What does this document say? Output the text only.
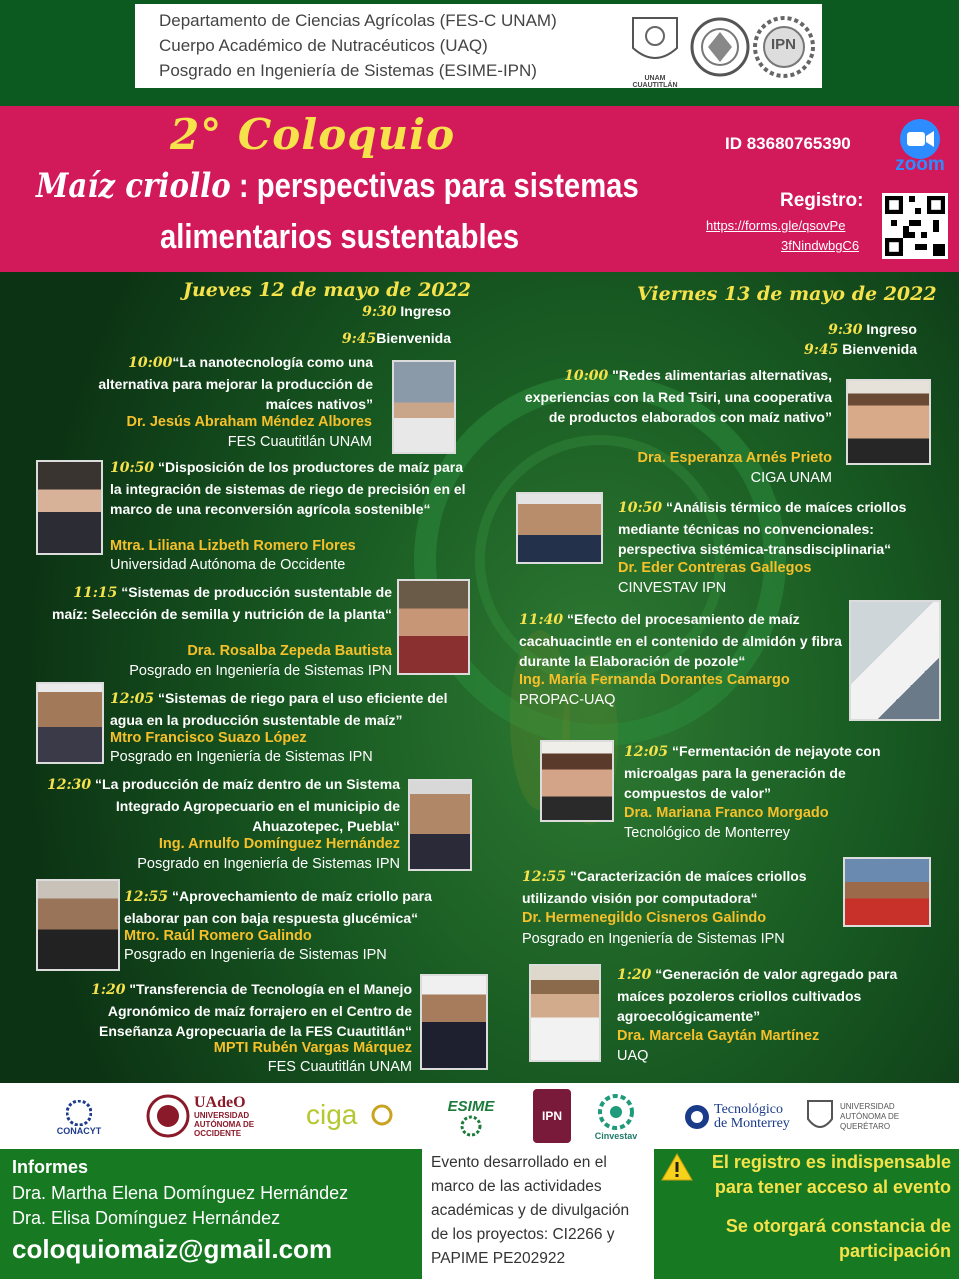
Departamento de Ciencias Agrícolas (FES-C UNAM)
Cuerpo Académico de Nutracéuticos (UAQ)
Posgrado en Ingeniería de Sistemas (ESIME-IPN)	UNAM CUAUTITLÁN
IPN
2° Coloquio
Maíz criollo : perspectivas para sistemas
alimentarios sustentables
ID 83680765390
zoom
Registro:
https://forms.gle/qsovPe
3fNindwbgC6
Jueves 12 de mayo de 2022
9:30 Ingreso
9:45Bienvenida
10:00“La nanotecnología como una alternativa para mejorar la producción de maíces nativos”
Dr. Jesús Abraham Méndez Albores
FES Cuautitlán UNAM
10:50 “Disposición de los productores de maíz para la integración de sistemas de riego de precisión en el marco de una reconversión agrícola sostenible“
Mtra. Liliana Lizbeth Romero Flores
Universidad Autónoma de Occidente
11:15 “Sistemas de producción sustentable de maíz: Selección de semilla y nutrición de la planta“
Dra. Rosalba Zepeda Bautista
Posgrado en Ingeniería de Sistemas IPN
12:05 “Sistemas de riego para el uso eficiente del agua en la producción sustentable de maíz”
Mtro Francisco Suazo López
Posgrado en Ingeniería de Sistemas IPN
12:30 “La producción de maíz dentro de un Sistema Integrado Agropecuario en el municipio de Ahuazotepec, Puebla“
Ing. Arnulfo Domínguez Hernández
Posgrado en Ingeniería de Sistemas IPN
12:55 “Aprovechamiento de maíz criollo para elaborar pan con baja respuesta glucémica“
Mtro. Raúl Romero Galindo
Posgrado en Ingeniería de Sistemas IPN
1:20 "Transferencia de Tecnología en el Manejo Agronómico de maíz forrajero en el Centro de Enseñanza Agropecuaria de la FES Cuautitlán“
MPTI Rubén Vargas Márquez
FES Cuautitlán UNAM
Viernes 13 de mayo de 2022
9:30 Ingreso
9:45 Bienvenida
10:00 "Redes alimentarias alternativas, experiencias con la Red Tsiri, una cooperativa de productos elaborados con maíz nativo”
Dra. Esperanza Arnés Prieto
CIGA UNAM
10:50 “Análisis térmico de maíces criollos mediante técnicas no convencionales: perspectiva sistémica-transdisciplinaria“
Dr. Eder Contreras Gallegos
CINVESTAV IPN
11:40 “Efecto del procesamiento de maíz cacahuacintle en el contenido de almidón y fibra durante la Elaboración de pozole“
Ing. María Fernanda Dorantes Camargo
PROPAC-UAQ
12:05 “Fermentación de nejayote con microalgas para la generación de compuestos de valor”
Dra. Mariana Franco Morgado
Tecnológico de Monterrey
12:55 “Caracterización de maíces criollos utilizando visión por computadora“
Dr. Hermenegildo Cisneros Galindo
Posgrado en Ingeniería de Sistemas IPN
1:20 “Generación de valor agregado para maíces pozoleros criollos cultivados agroecológicamente”
Dra. Marcela Gaytán Martínez
UAQ
CONACYT
UAdeO
UNIVERSIDAD
AUTÓNOMA DE
OCCIDENTE
ciga	ESIME
IPN
Cinvestav
Tecnológico
de Monterrey
UNIVERSIDAD
AUTÓNOMA DE
QUERÉTARO
Informes
Dra. Martha Elena Domínguez Hernández
Dra. Elisa Domínguez Hernández
coloquiomaiz@gmail.com
Evento desarrollado en el
marco de las actividades
académicas y de divulgación
de los proyectos: CI2266 y
PAPIME PE202922
El registro es indispensable
para tener acceso al evento
Se otorgará constancia de
participación
